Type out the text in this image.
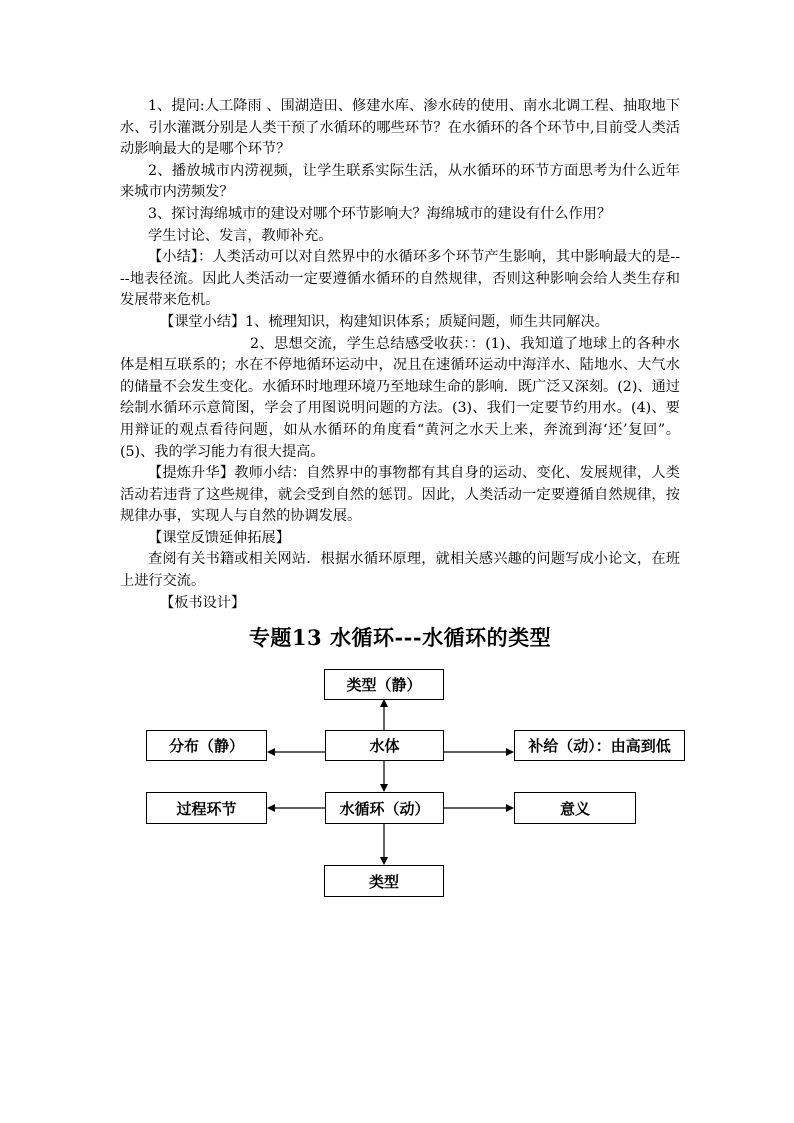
1、提问:人工降雨 、围湖造田、修建水库、渗水砖的使用、南水北调工程、抽取地下水、引水灌溉分别是人类干预了水循环的哪些环节？在水循环的各个环节中,目前受人类活动影响最大的是哪个环节？

2、播放城市内涝视频，让学生联系实际生活，从水循环的环节方面思考为什么近年来城市内涝频发？

3、探讨海绵城市的建设对哪个环节影响大？海绵城市的建设有什么作用？

学生讨论、发言，教师补充。

【小结】：人类活动可以对自然界中的水循环多个环节产生影响，其中影响最大的是----地表径流。因此人类活动一定要遵循水循环的自然规律，否则这种影响会给人类生存和发展带来危机。

【课堂小结】1、梳理知识，构建知识体系；质疑问题，师生共同解决。

2、思想交流，学生总结感受收获：：(1)、我知道了地球上的各种水体是相互联系的；水在不停地循环运动中，况且在速循环运动中海洋水、陆地水、大气水的储量不会发生变化。水循环时地理环境乃至地球生命的影响．既广泛又深刻。(2)、通过绘制水循环示意简图，学会了用图说明问题的方法。(3)、我们一定要节约用水。(4)、要用辩证的观点看待问题，如从水循环的角度看“黄河之水天上来，奔流到海‘还’复回”。(5)、我的学习能力有很大提高。

【提炼升华】教师小结：自然界中的事物都有其自身的运动、变化、发展规律，人类活动若违背了这些规律，就会受到自然的惩罚。因此，人类活动一定要遵循自然规律，按规律办事，实现人与自然的协调发展。

【课堂反馈延伸拓展】

查阅有关书籍或相关网站．根据水循环原理，就相关感兴趣的问题写成小论文，在班上进行交流。

【板书设计】

专题13 水循环---水循环的类型
类型（静）
分布（静）	水体	补给（动）：由高到低
过程环节	水循环（动）	意义
类型
